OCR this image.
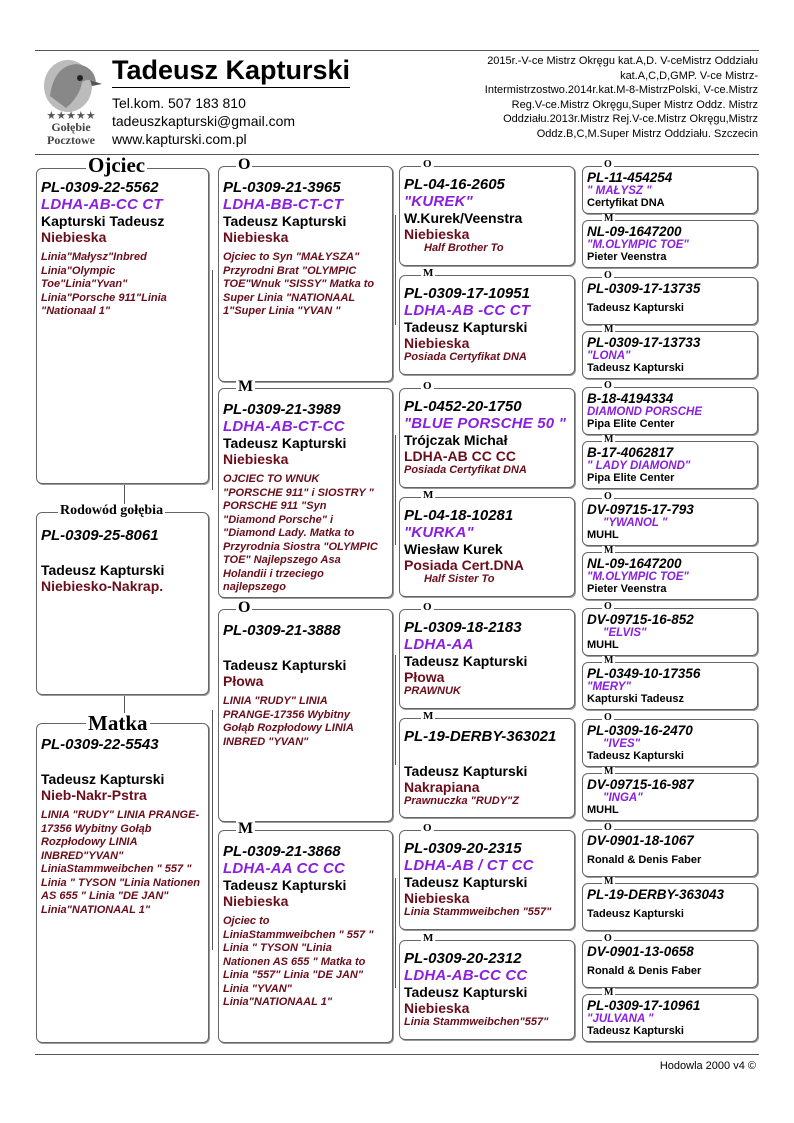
★★★★★
Gołębie
Pocztowe
Tadeusz Kapturski
Tel.kom. 507 183 810
tadeuszkapturski@gmail.com
www.kapturski.com.pl
2015r.-V-ce Mistrz Okręgu kat.A,D. V-ceMistrz Oddziału kat.A,C,D,GMP. V-ce Mistrz-Intermistrzostwo.2014r.kat.M-8-MistrzPolski, V-ce.Mistrz Reg.V-ce.Mistrz Okręgu,Super Mistrz Oddz. Mistrz Oddziału.2013r.Mistrz Rej.V-ce.Mistrz Okręgu,Mistrz Oddz.B,C,M.Super Mistrz Oddziału. Szczecin
PL-0309-22-5562
LDHA-AB-CC CT
Kapturski Tadeusz
Niebieska
Linia"Małysz"Inbred Linia"Olympic Toe"Linia"Yvan" Linia"Porsche 911"Linia "Nationaal 1"
Ojciec
PL-0309-25-8061
Tadeusz Kapturski
Niebiesko-Nakrap.
Rodowód gołębia
PL-0309-22-5543
Tadeusz Kapturski
Nieb-Nakr-Pstra
LINIA "RUDY" LINIA PRANGE-17356 Wybitny Gołąb Rozpłodowy LINIA INBRED"YVAN" LiniaStammweibchen " 557 " Linia " TYSON "Linia Nationen AS 655 " Linia "DE JAN" Linia"NATIONAAL 1"
Matka
PL-0309-21-3965
LDHA-BB-CT-CT
Tadeusz Kapturski
Niebieska
Ojciec to Syn "MAŁYSZA" Przyrodni Brat "OLYMPIC TOE"Wnuk "SISSY" Matka to Super Linia "NATIONAAL 1"Super Linia "YVAN "
O
PL-0309-21-3989
LDHA-AB-CT-CC
Tadeusz Kapturski
Niebieska
OJCIEC TO WNUK "PORSCHE 911" i SIOSTRY " PORSCHE 911 "Syn "Diamond Porsche" i "Diamond Lady. Matka to Przyrodnia Siostra "OLYMPIC TOE" Najlepszego Asa Holandii i trzeciego najlepszego
M
PL-0309-21-3888
Tadeusz Kapturski
Płowa
LINIA "RUDY" LINIA PRANGE-17356 Wybitny Gołąb Rozpłodowy LINIA INBRED "YVAN"
O
PL-0309-21-3868
LDHA-AA CC CC
Tadeusz Kapturski
Niebieska
Ojciec to LiniaStammweibchen " 557 " Linia " TYSON "Linia Nationen AS 655 " Matka to Linia "557" Linia "DE JAN" Linia "YVAN" Linia"NATIONAAL 1"
M
PL-04-16-2605
"KUREK"
W.Kurek/Veenstra
Niebieska
Half Brother To
O
PL-0309-17-10951
LDHA-AB -CC CT
Tadeusz Kapturski
Niebieska
Posiada Certyfikat DNA
M
PL-0452-20-1750
"BLUE PORSCHE 50 "
Trójczak Michał
LDHA-AB CC CC
Posiada Certyfikat DNA
O
PL-04-18-10281
"KURKA"
Wiesław Kurek
Posiada Cert.DNA
Half Sister To
M
PL-0309-18-2183
LDHA-AA
Tadeusz Kapturski
Płowa
PRAWNUK
O
PL-19-DERBY-363021
Tadeusz Kapturski
Nakrapiana
Prawnuczka "RUDY"Z
M
PL-0309-20-2315
LDHA-AB / CT CC
Tadeusz Kapturski
Niebieska
Linia Stammweibchen "557"
O
PL-0309-20-2312
LDHA-AB-CC CC
Tadeusz Kapturski
Niebieska
Linia Stammweibchen"557"
M
PL-11-454254
" MAŁYSZ "
Certyfikat DNA
O
NL-09-1647200
"M.OLYMPIC TOE"
Pieter Veenstra
M
PL-0309-17-13735
Tadeusz Kapturski
O
PL-0309-17-13733
"LONA"
Tadeusz Kapturski
M
B-18-4194334
DIAMOND PORSCHE
Pipa Elite Center
O
B-17-4062817
" LADY DIAMOND"
Pipa Elite Center
M
DV-09715-17-793
"YWANOL "
MUHL
O
NL-09-1647200
"M.OLYMPIC TOE"
Pieter Veenstra
M
DV-09715-16-852
"ELVIS"
MUHL
O
PL-0349-10-17356
"MERY"
Kapturski Tadeusz
M
PL-0309-16-2470
"IVES"
Tadeusz Kapturski
O
DV-09715-16-987
"INGA"
MUHL
M
DV-0901-18-1067
Ronald & Denis Faber
O
PL-19-DERBY-363043
Tadeusz Kapturski
M
DV-0901-13-0658
Ronald & Denis Faber
O
PL-0309-17-10961
"JULVANA "
Tadeusz Kapturski
M
Hodowla 2000 v4 ©
